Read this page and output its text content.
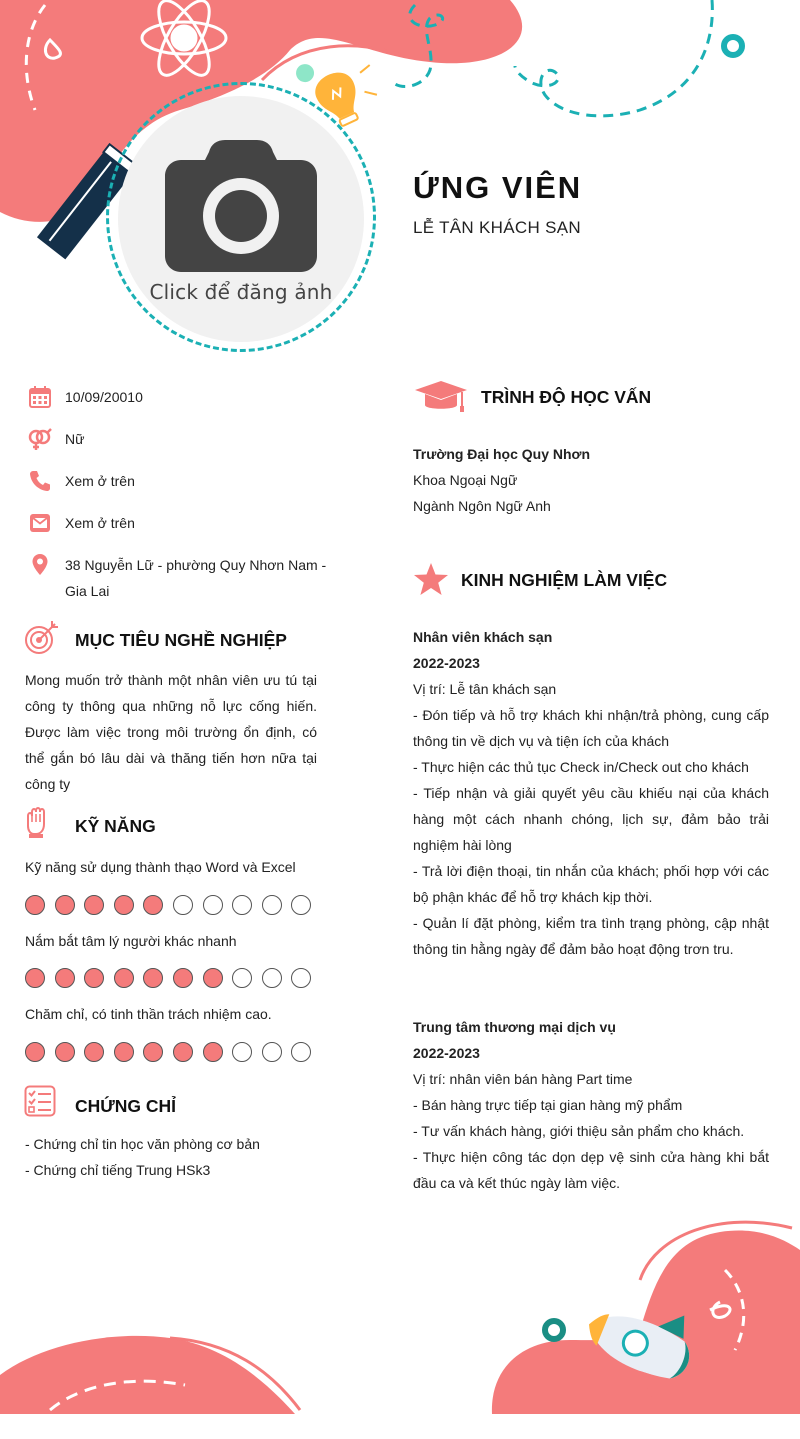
Click để đăng ảnh
ỨNG VIÊN
LỄ TÂN KHÁCH SẠN
10/09/20010
Nữ
Xem ở trên
Xem ở trên
38 Nguyễn Lữ - phường Quy Nhơn Nam - Gia Lai
MỤC TIÊU NGHỀ NGHIỆP
Mong muốn trở thành một nhân viên ưu tú tại công ty thông qua những nỗ lực cống hiến. Được làm việc trong môi trường ổn định, có thể gắn bó lâu dài và thăng tiến hơn nữa tại công ty
KỸ NĂNG
Kỹ năng sử dụng thành thạo Word và Excel
Nắm bắt tâm lý người khác nhanh
Chăm chỉ, có tinh thần trách nhiệm cao.
CHỨNG CHỈ
- Chứng chỉ tin học văn phòng cơ bản
- Chứng chỉ tiếng Trung HSk3
TRÌNH ĐỘ HỌC VẤN
Trường Đại học Quy Nhơn
Khoa Ngoại Ngữ
Ngành Ngôn Ngữ Anh
KINH NGHIỆM LÀM VIỆC
Nhân viên khách sạn
2022-2023
Vị trí: Lễ tân khách sạn
- Đón tiếp và hỗ trợ khách khi nhận/trả phòng, cung cấp thông tin về dịch vụ và tiện ích của khách
- Thực hiện các thủ tục Check in/Check out cho khách
- Tiếp nhận và giải quyết yêu cầu khiếu nại của khách hàng một cách nhanh chóng, lịch sự, đảm bảo trải nghiệm hài lòng
- Trả lời điện thoại, tin nhắn của khách; phối hợp với các bộ phận khác để hỗ trợ khách kịp thời.
- Quản lí đặt phòng, kiểm tra tình trạng phòng, cập nhật thông tin hằng ngày để đảm bảo hoạt động trơn tru.
Trung tâm thương mại dịch vụ
2022-2023
Vị trí: nhân viên bán hàng Part time
- Bán hàng trực tiếp tại gian hàng mỹ phẩm
- Tư vấn khách hàng, giới thiệu sản phẩm cho khách.
- Thực hiện công tác dọn dẹp vệ sinh cửa hàng khi bắt đầu ca và kết thúc ngày làm việc.
